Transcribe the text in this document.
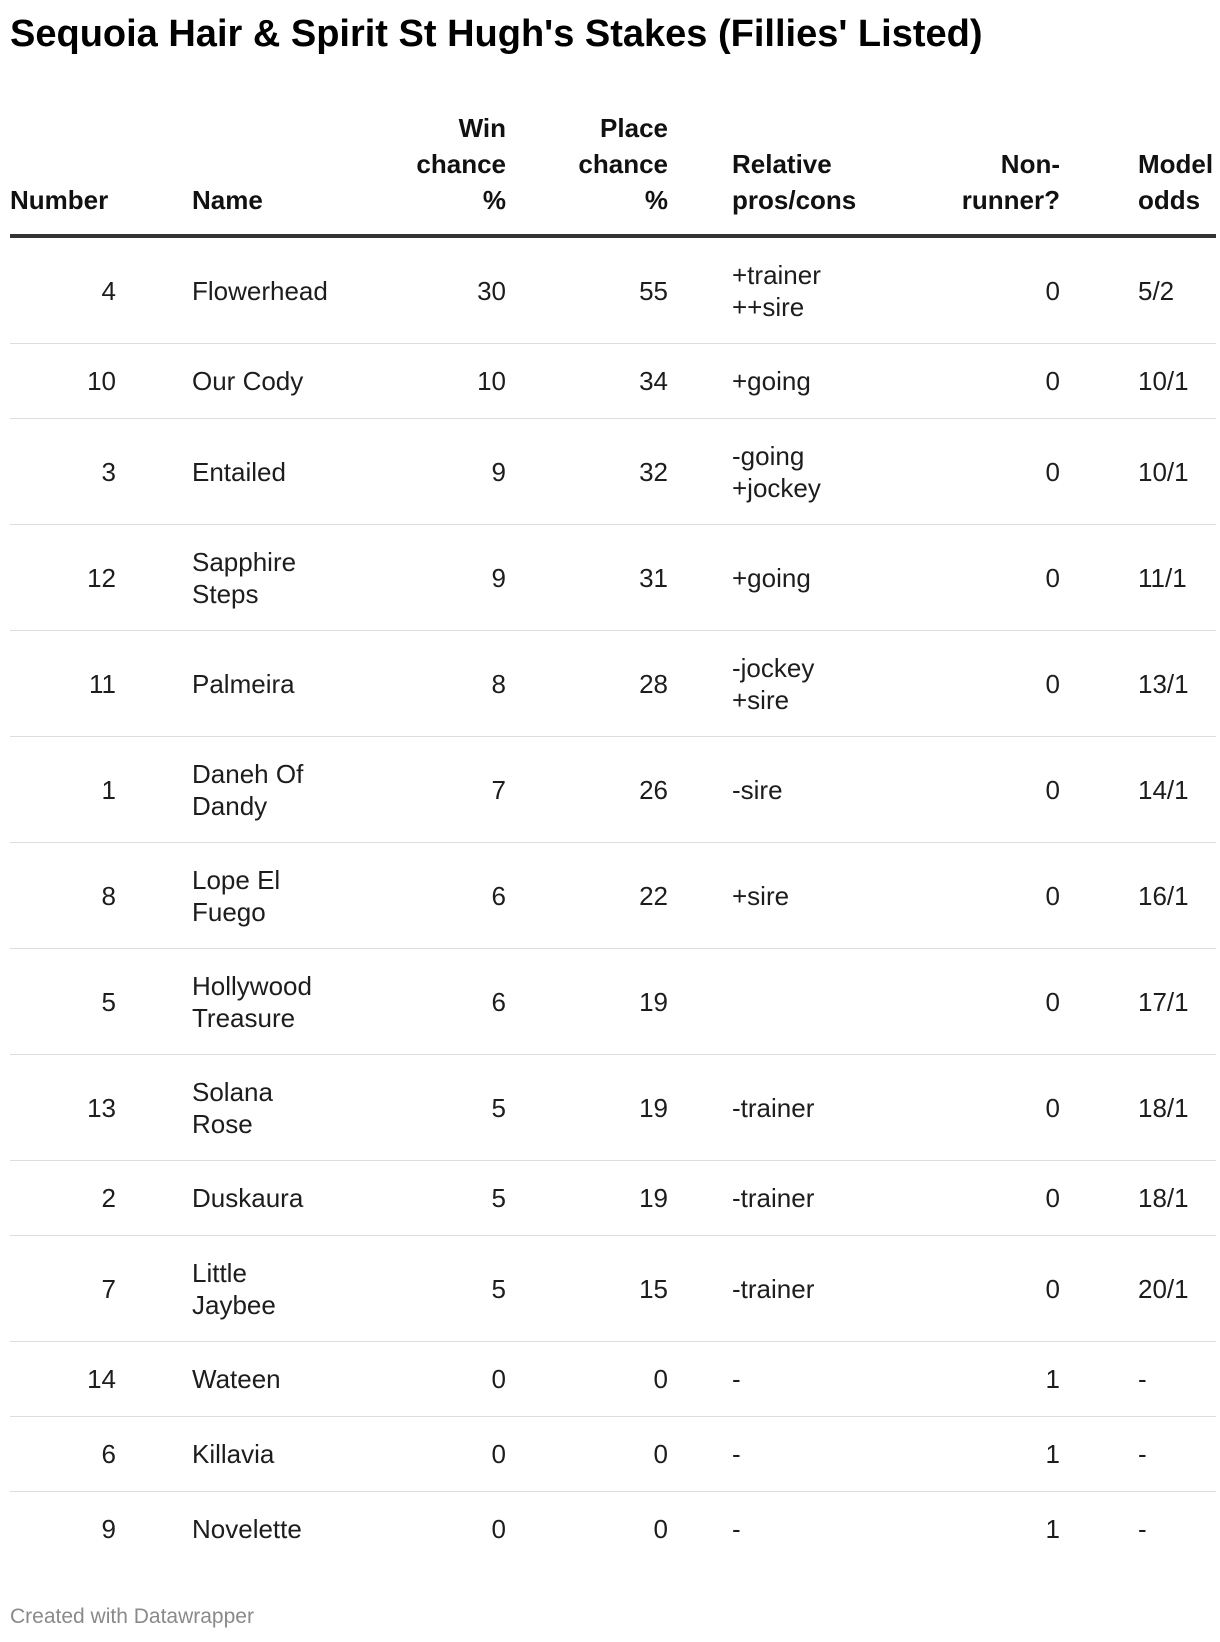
Sequoia Hair & Spirit St Hugh's Stakes (Fillies' Listed)
Number	Name	Win
chance
%	Place
chance
%	Relative
pros/cons	Non-
runner?	Model
odds
4	Flowerhead	30	55	+trainer
++sire	0	5/2
10	Our Cody	10	34	+going	0	10/1
3	Entailed	9	32	-going
+jockey	0	10/1
12	Sapphire
Steps	9	31	+going	0	11/1
11	Palmeira	8	28	-jockey
+sire	0	13/1
1	Daneh Of
Dandy	7	26	-sire	0	14/1
8	Lope El
Fuego	6	22	+sire	0	16/1
5	Hollywood
Treasure	6	19		0	17/1
13	Solana
Rose	5	19	-trainer	0	18/1
2	Duskaura	5	19	-trainer	0	18/1
7	Little
Jaybee	5	15	-trainer	0	20/1
14	Wateen	0	0	-	1	-
6	Killavia	0	0	-	1	-
9	Novelette	0	0	-	1	-
Created with Datawrapper
